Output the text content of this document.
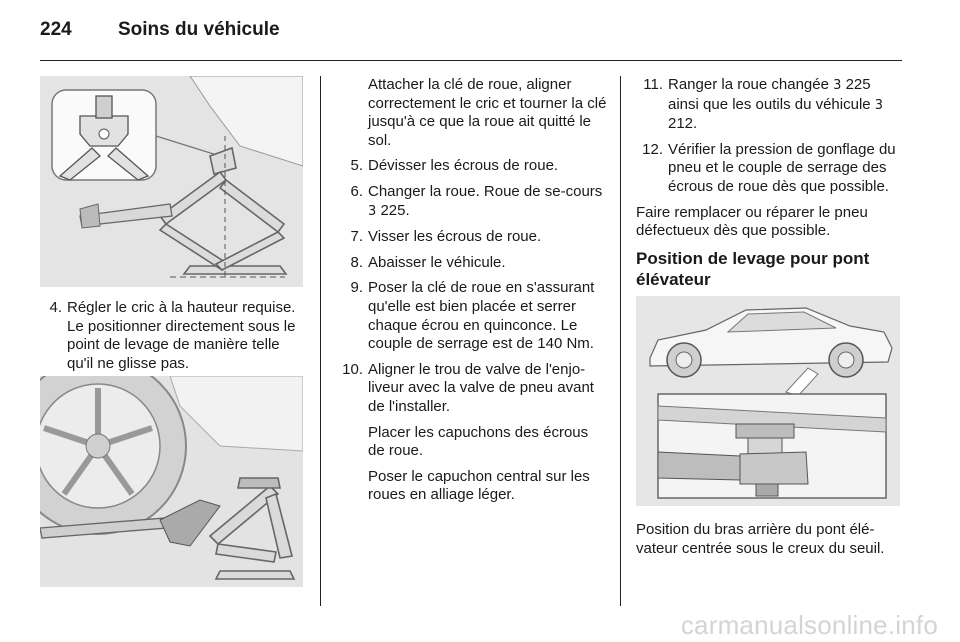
224 Soins du véhicule
4. Régler le cric à la hauteur requise. Le positionner directement sous le point de levage de manière telle qu'il ne glisse pas.
Attacher la clé de roue, aligner correctement le cric et tourner la clé jusqu'à ce que la roue ait quitté le sol.
5. Dévisser les écrous de roue.
6. Changer la roue. Roue de se-cours 3 225.
7. Visser les écrous de roue.
8. Abaisser le véhicule.
9. Poser la clé de roue en s'assurant qu'elle est bien placée et serrer chaque écrou en quinconce. Le couple de serrage est de 140 Nm.
10. Aligner le trou de valve de l'enjo-liveur avec la valve de pneu avant de l'installer.
Placer les capuchons des écrous de roue.
Poser le capuchon central sur les roues en alliage léger.
11. Ranger la roue changée 3 225 ainsi que les outils du véhicule 3 212.
12. Vérifier la pression de gonflage du pneu et le couple de serrage des écrous de roue dès que possible.
Faire remplacer ou réparer le pneu défectueux dès que possible.
Position de levage pour pont élévateur
Position du bras arrière du pont élé-vateur centrée sous le creux du seuil.
carmanualsonline.info
